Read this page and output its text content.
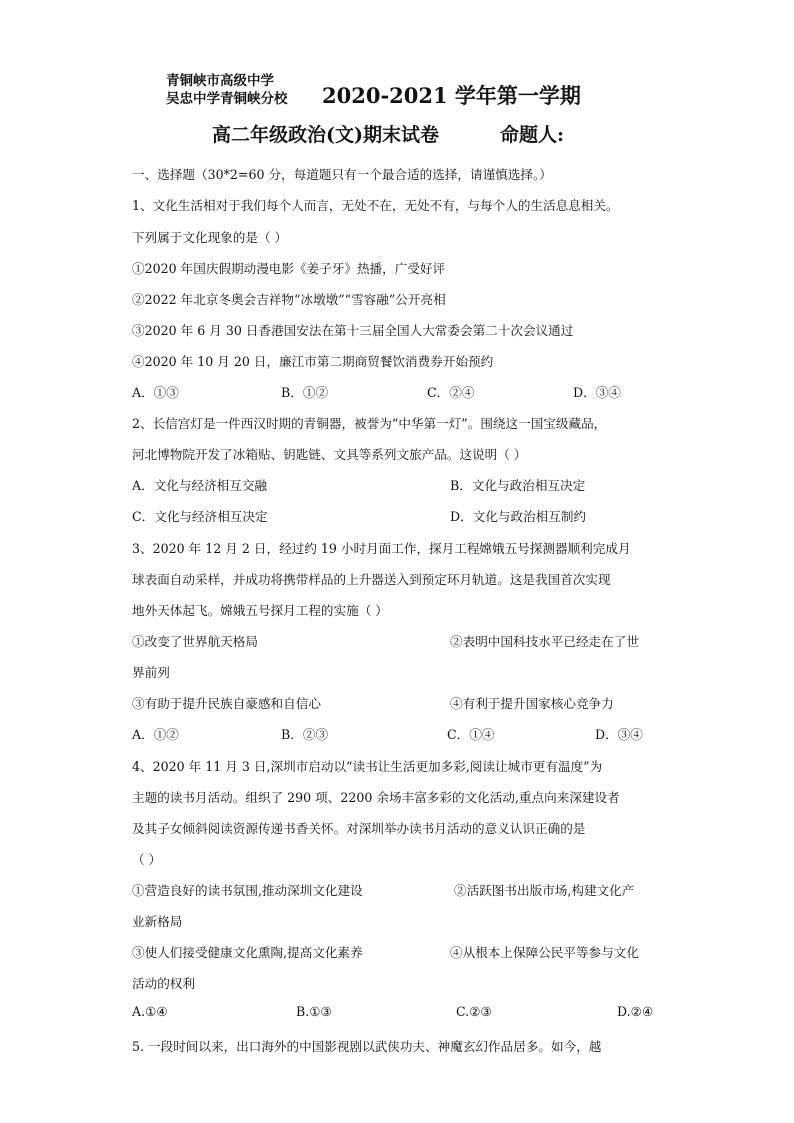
青铜峡市高级中学
吴忠中学青铜峡分校 2020-2021 学年第一学期
高二年级政治(文)期末试卷	命题人:
一、选择题（30*2=60 分，每道题只有一个最合适的选择，请谨慎选择。）
1、文化生活相对于我们每个人而言，无处不在，无处不有，与每个人的生活息息相关。
下列属于文化现象的是（ ）
①2020 年国庆假期动漫电影《姜子牙》热播，广受好评
②2022 年北京冬奥会吉祥物“冰墩墩”“雪容融”公开亮相
③2020 年 6 月 30 日香港国安法在第十三届全国人大常委会第二十次会议通过
④2020 年 10 月 20 日，廉江市第二期商贸餐饮消费券开始预约
A．①③	B．①②	C．②④	D．③④
2、长信宫灯是一件西汉时期的青铜器，被誉为“中华第一灯”。围绕这一国宝级藏品，
河北博物院开发了冰箱贴、钥匙链、文具等系列文旅产品。这说明（ ）
A．文化与经济相互交融	B．文化与政治相互决定
C．文化与经济相互决定	D．文化与政治相互制约
3、2020 年 12 月 2 日，经过约 19 小时月面工作，探月工程嫦娥五号探测器顺利完成月
球表面自动采样，并成功将携带样品的上升器送入到预定环月轨道。这是我国首次实现
地外天体起飞。嫦娥五号探月工程的实施（ ）
①改变了世界航天格局	②表明中国科技水平已经走在了世
界前列
③有助于提升民族自豪感和自信心	④有利于提升国家核心竞争力
A．①②	B．②③	C．①④	D．③④
4、2020 年 11 月 3 日,深圳市启动以“读书让生活更加多彩,阅读让城市更有温度”为
主题的读书月活动。组织了 290 项、2200 余场丰富多彩的文化活动,重点向来深建设者
及其子女倾斜阅读资源传递书香关怀。对深圳举办读书月活动的意义认识正确的是
（ ）
①营造良好的读书氛围,推动深圳文化建设	②活跃图书出版市场,构建文化产
业新格局
③使人们接受健康文化熏陶,提高文化素养	④从根本上保障公民平等参与文化
活动的权利
A.①④	B.①③	C.②③	D.②④
5. 一段时间以来，出口海外的中国影视剧以武侠功夫、神魔玄幻作品居多。如今，越
